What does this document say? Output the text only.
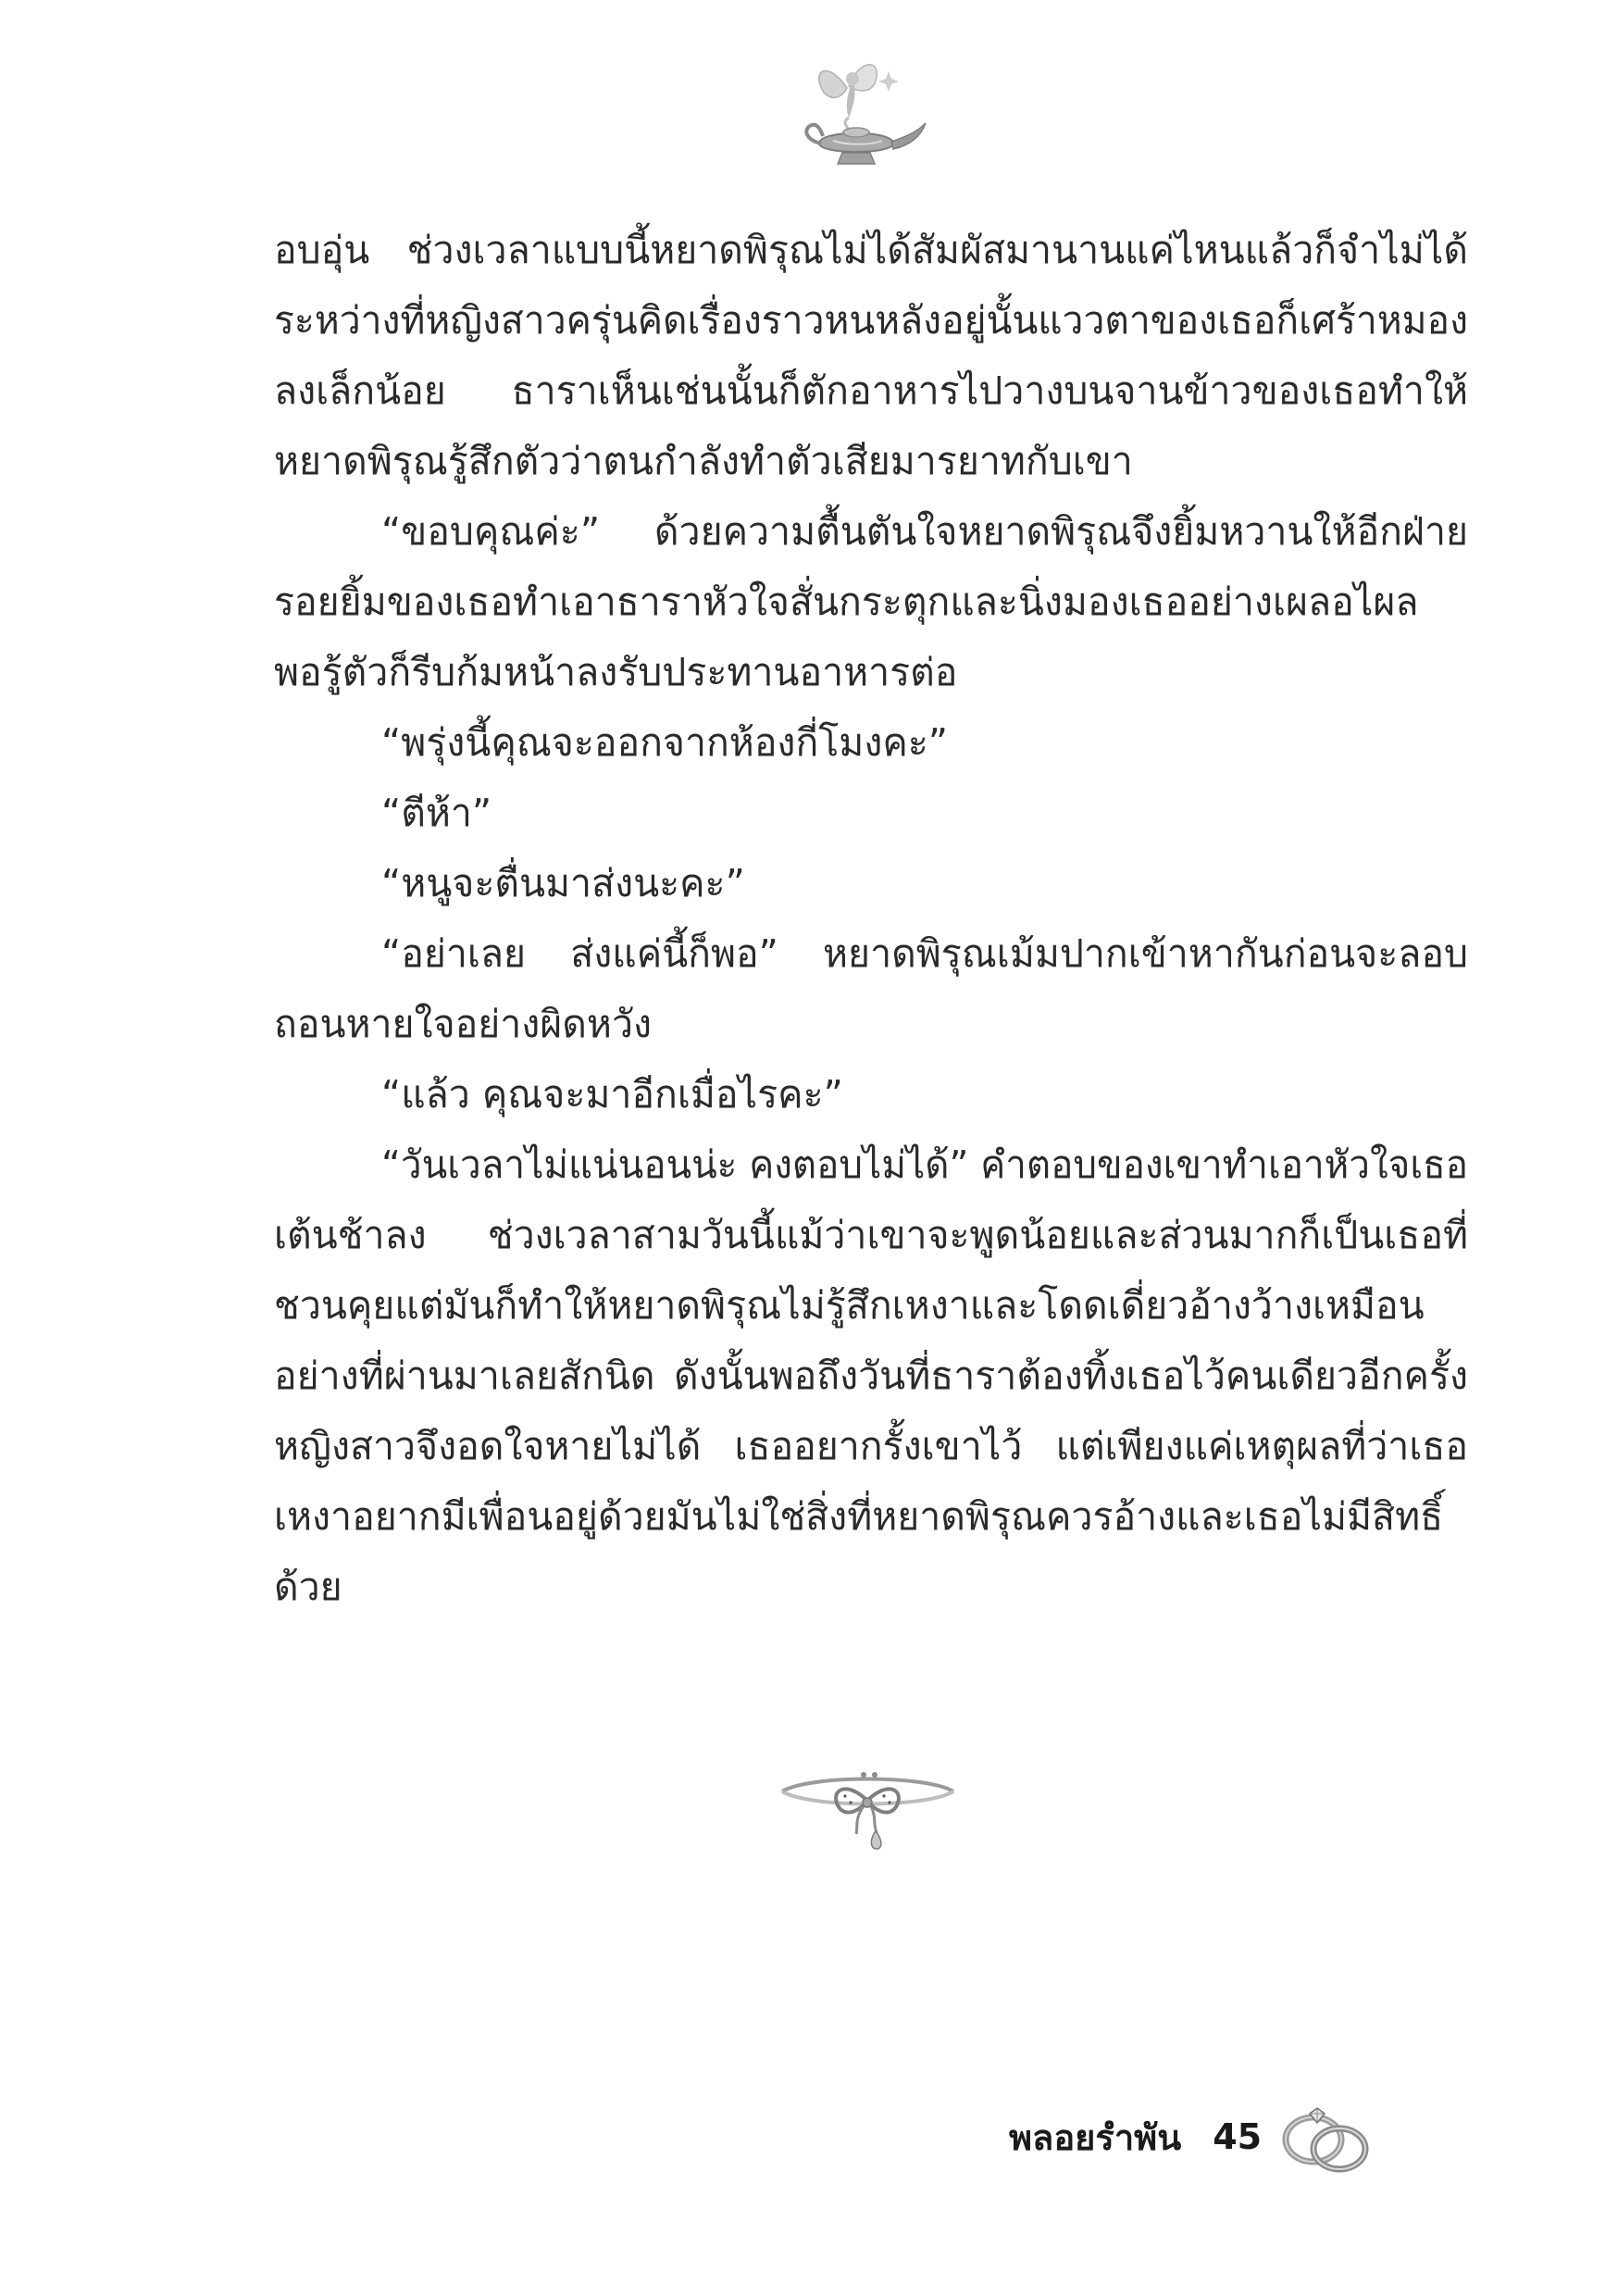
อบอุ่น ช่วงเวลาแบบนี้หยาดพิรุณไม่ได้สัมผัสมานานแค่ไหนแล้วก็จำไม่ได้
ระหว่างที่หญิงสาวครุ่นคิดเรื่องราวหนหลังอยู่นั้นแววตาของเธอก็เศร้าหมอง
ลงเล็กน้อย ธาราเห็นเช่นนั้นก็ตักอาหารไปวางบนจานข้าวของเธอทำให้
หยาดพิรุณรู้สึกตัวว่าตนกำลังทำตัวเสียมารยาทกับเขา
“ขอบคุณค่ะ” ด้วยความตื้นตันใจหยาดพิรุณจึงยิ้มหวานให้อีกฝ่าย
รอยยิ้มของเธอทำเอาธาราหัวใจสั่นกระตุกและนิ่งมองเธออย่างเผลอไผล
พอรู้ตัวก็รีบก้มหน้าลงรับประทานอาหารต่อ
“พรุ่งนี้คุณจะออกจากห้องกี่โมงคะ”
“ตีห้า”
“หนูจะตื่นมาส่งนะคะ”
“อย่าเลย ส่งแค่นี้ก็พอ” หยาดพิรุณเม้มปากเข้าหากันก่อนจะลอบ
ถอนหายใจอย่างผิดหวัง
“แล้ว คุณจะมาอีกเมื่อไรคะ”
“วันเวลาไม่แน่นอนน่ะ คงตอบไม่ได้” คำตอบของเขาทำเอาหัวใจเธอ
เต้นช้าลง ช่วงเวลาสามวันนี้แม้ว่าเขาจะพูดน้อยและส่วนมากก็เป็นเธอที่
ชวนคุยแต่มันก็ทำให้หยาดพิรุณไม่รู้สึกเหงาและโดดเดี่ยวอ้างว้างเหมือน
อย่างที่ผ่านมาเลยสักนิด ดังนั้นพอถึงวันที่ธาราต้องทิ้งเธอไว้คนเดียวอีกครั้ง
หญิงสาวจึงอดใจหายไม่ได้ เธออยากรั้งเขาไว้ แต่เพียงแค่เหตุผลที่ว่าเธอ
เหงาอยากมีเพื่อนอยู่ด้วยมันไม่ใช่สิ่งที่หยาดพิรุณควรอ้างและเธอไม่มีสิทธิ์
ด้วย
พลอยรำพัน 45
